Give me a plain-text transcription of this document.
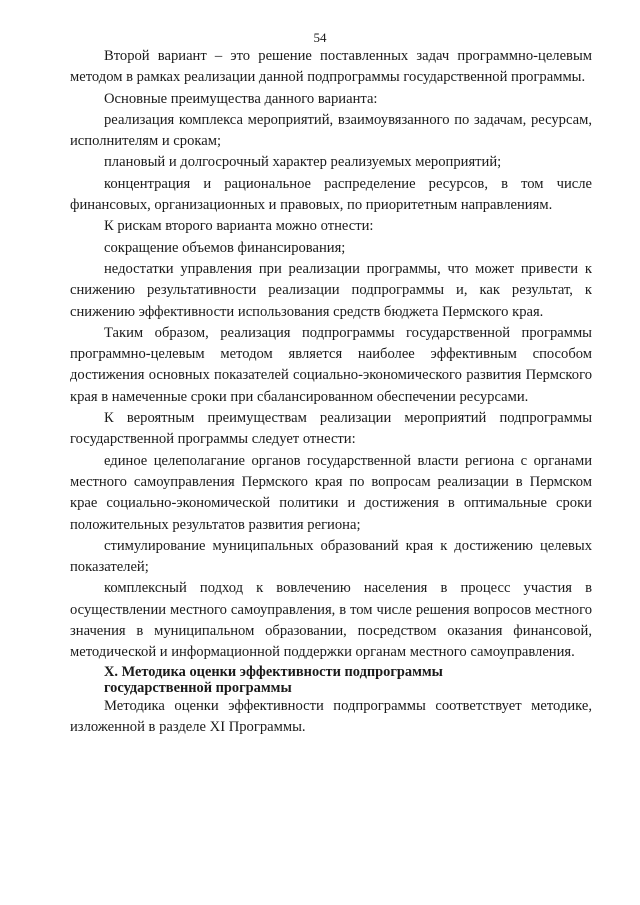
54

Второй вариант – это решение поставленных задач программно-целевым методом в рамках реализации данной подпрограммы государственной программы.

Основные преимущества данного варианта:

реализация комплекса мероприятий, взаимоувязанного по задачам, ресурсам, исполнителям и срокам;

плановый и долгосрочный характер реализуемых мероприятий;

концентрация и рациональное распределение ресурсов, в том числе финансовых, организационных и правовых, по приоритетным направлениям.

К рискам второго варианта можно отнести:

сокращение объемов финансирования;

недостатки управления при реализации программы, что может привести к снижению результативности реализации подпрограммы и, как результат, к снижению эффективности использования средств бюджета Пермского края.

Таким образом, реализация подпрограммы государственной программы программно-целевым методом является наиболее эффективным способом достижения основных показателей социально-экономического развития Пермского края в намеченные сроки при сбалансированном обеспечении ресурсами.

К вероятным преимуществам реализации мероприятий подпрограммы государственной программы следует отнести:

единое целеполагание органов государственной власти региона с органами местного самоуправления Пермского края по вопросам реализации в Пермском крае социально-экономической политики и достижения в оптимальные сроки положительных результатов развития региона;

стимулирование муниципальных образований края к достижению целевых показателей;

комплексный подход к вовлечению населения в процесс участия в осуществлении местного самоуправления, в том числе решения вопросов местного значения в муниципальном образовании, посредством оказания финансовой, методической и информационной поддержки органам местного самоуправления.

X. Методика оценки эффективности подпрограммы
государственной программы

Методика оценки эффективности подпрограммы соответствует методике, изложенной в разделе XI Программы.
